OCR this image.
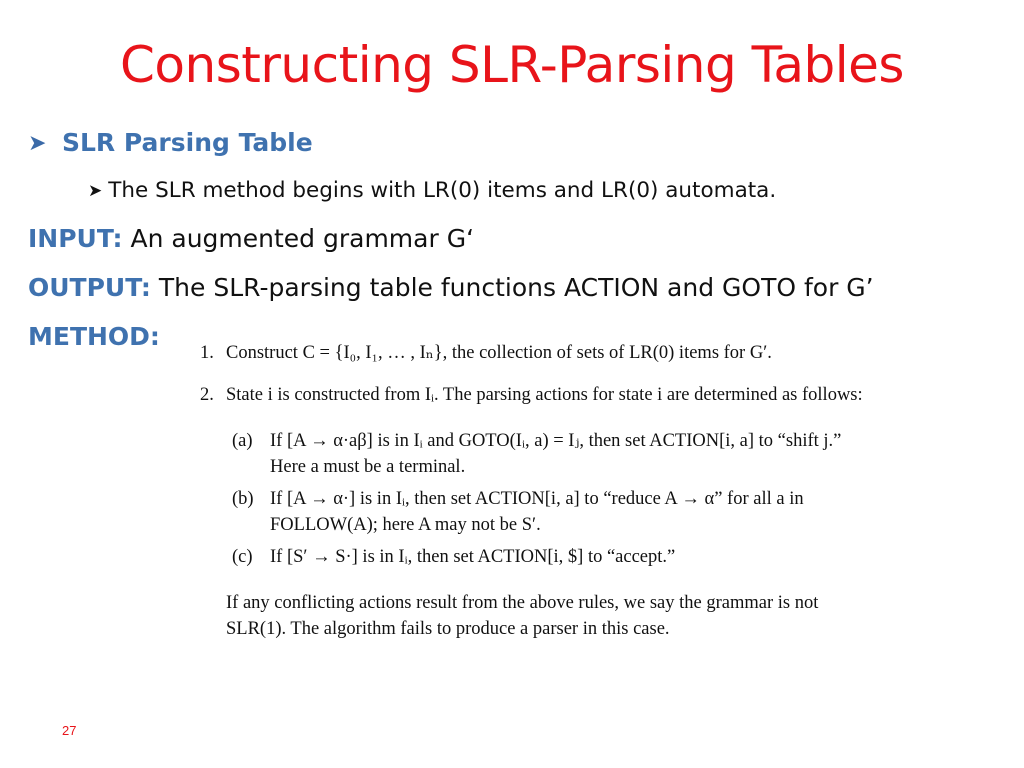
Constructing SLR-Parsing Tables
➤ SLR Parsing Table
➤ The SLR method begins with LR(0) items and LR(0) automata.
INPUT: An augmented grammar G‘
OUTPUT: The SLR-parsing table functions ACTION and GOTO for G’
METHOD:
1. Construct C = {I₀, I₁, … , Iₙ}, the collection of sets of LR(0) items for G′.
2. State i is constructed from Iᵢ. The parsing actions for state i are determined as follows:
(a) If [A → α·aβ] is in Iᵢ and GOTO(Iᵢ, a) = Iⱼ, then set ACTION[i, a] to “shift j.” Here a must be a terminal.
(b) If [A → α·] is in Iᵢ, then set ACTION[i, a] to “reduce A → α” for all a in FOLLOW(A); here A may not be S′.
(c) If [S′ → S·] is in Iᵢ, then set ACTION[i, $] to “accept.”
If any conflicting actions result from the above rules, we say the grammar is not SLR(1). The algorithm fails to produce a parser in this case.
27
